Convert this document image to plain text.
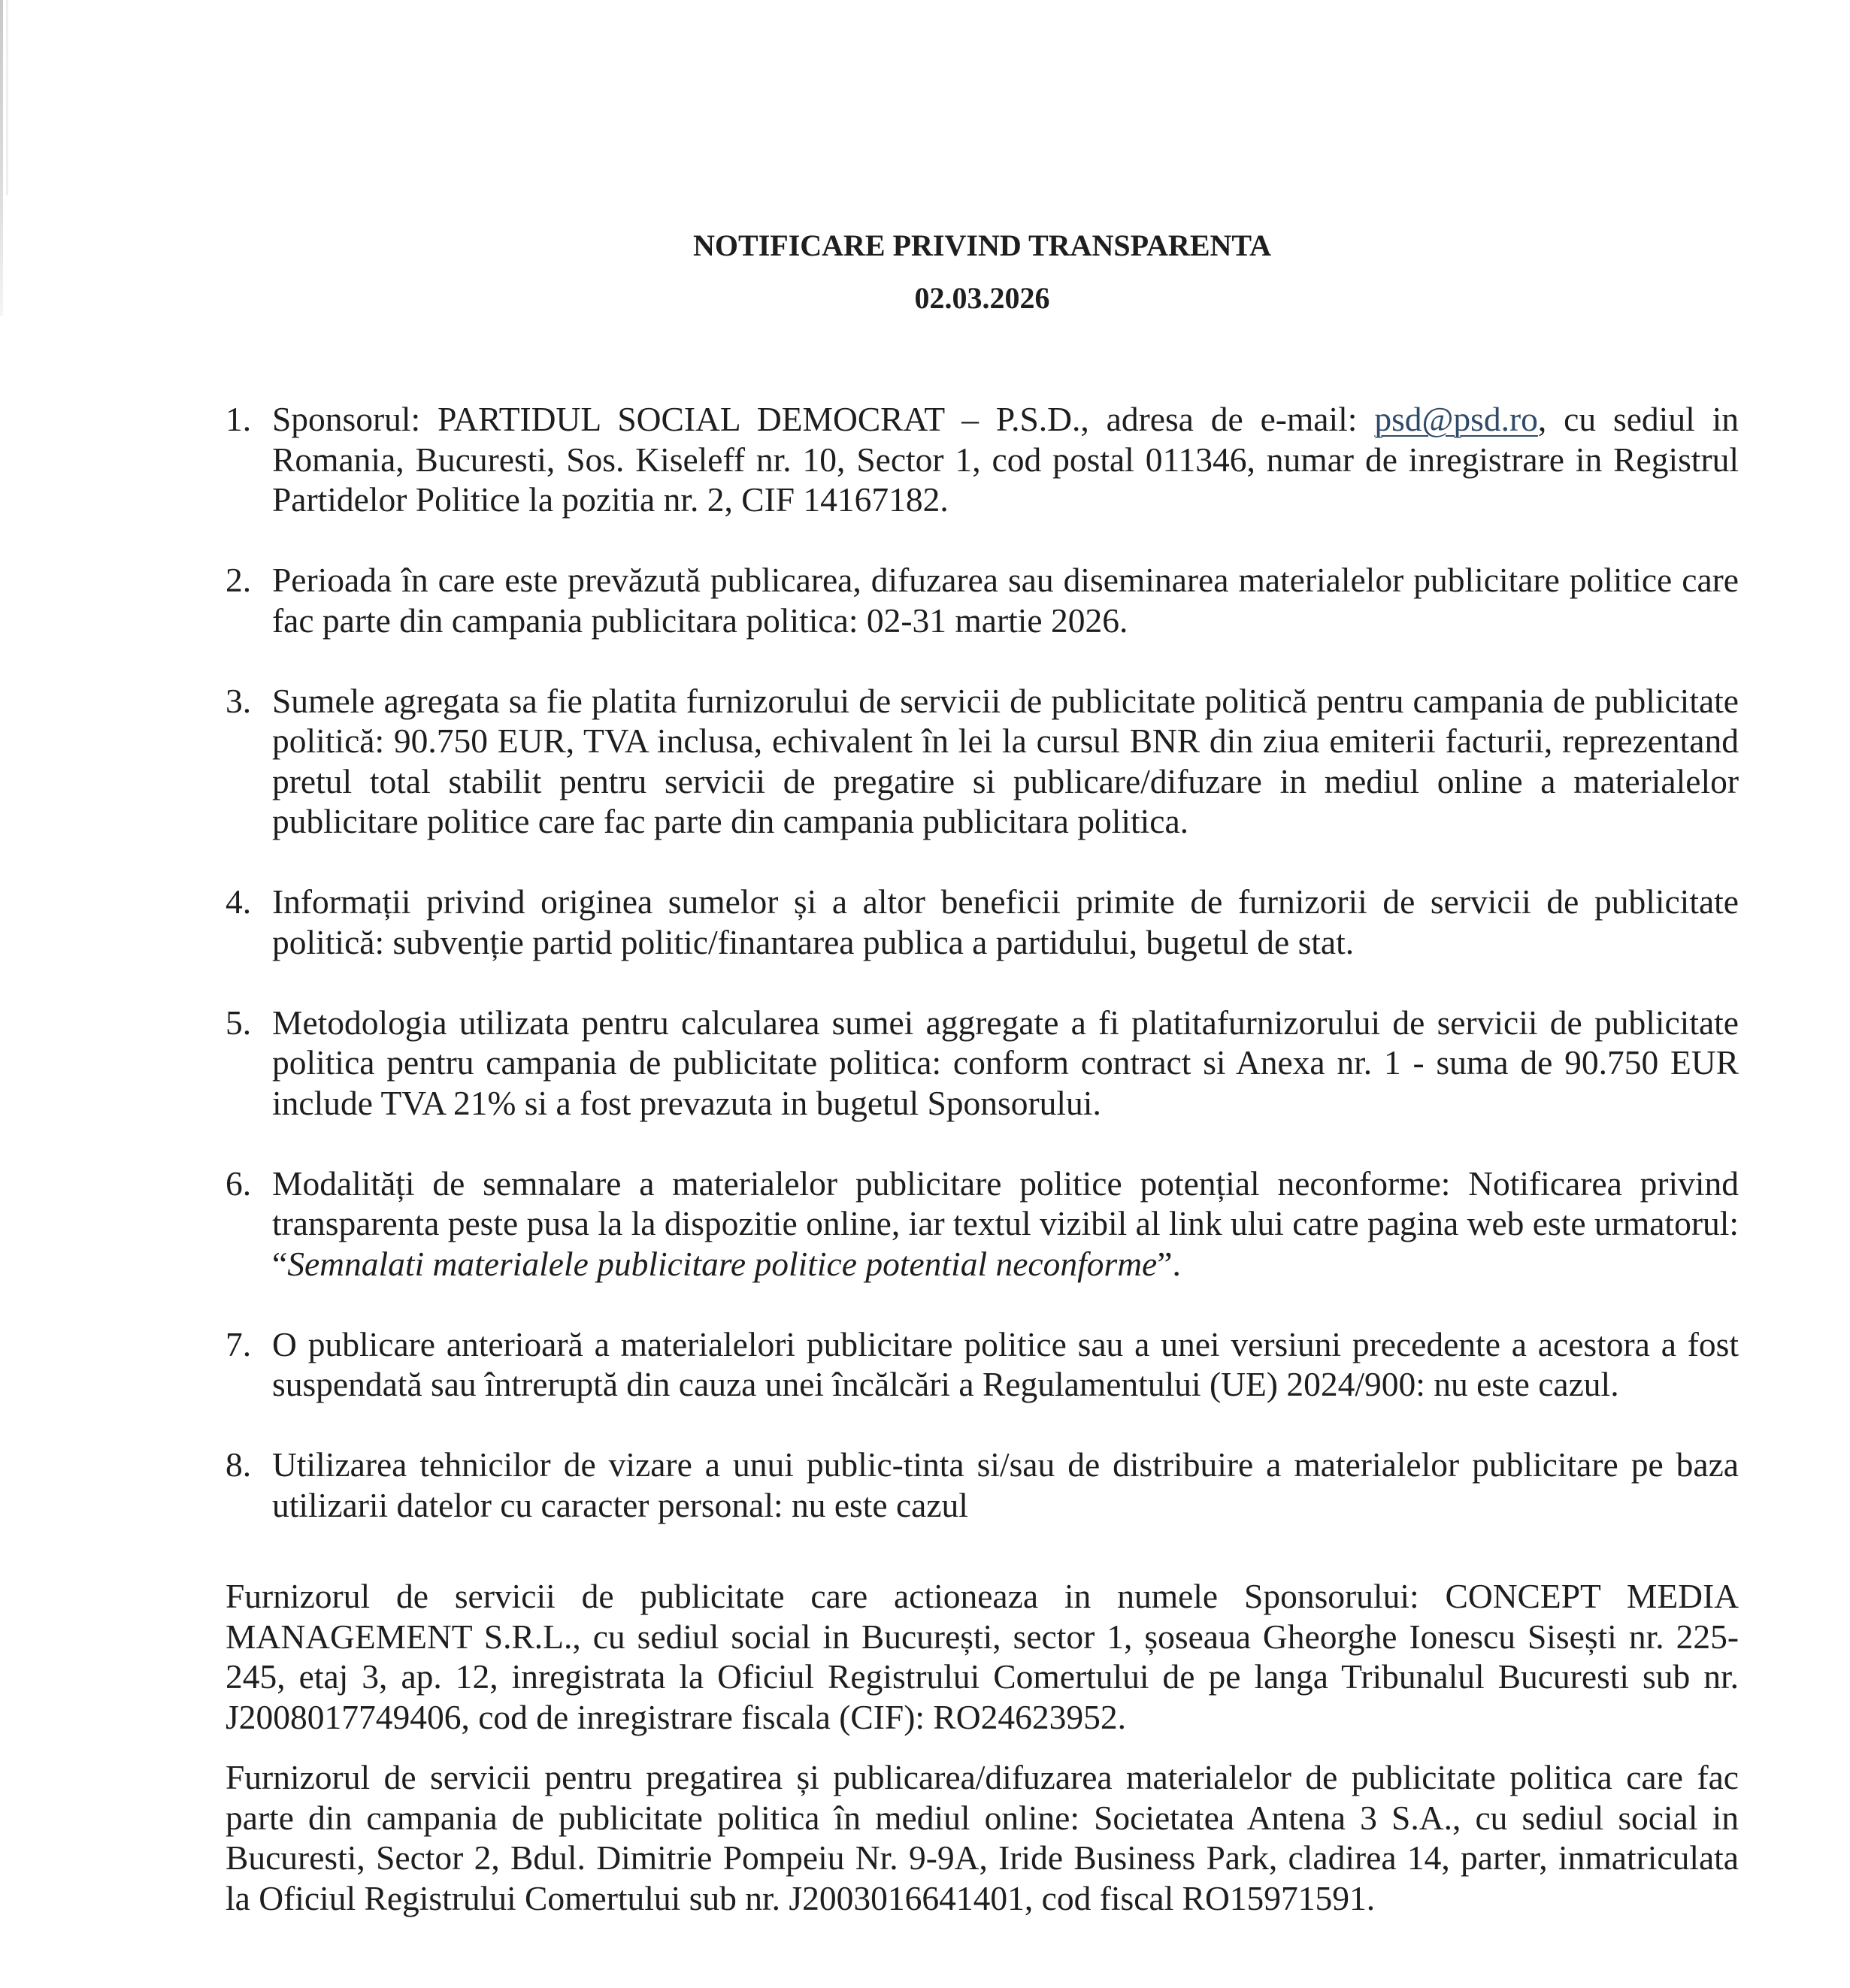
NOTIFICARE PRIVIND TRANSPARENTA
02.03.2026
1. Sponsorul: PARTIDUL SOCIAL DEMOCRAT – P.S.D., adresa de e-mail: psd@psd.ro, cu sediul in Romania, Bucuresti, Sos. Kiseleff nr. 10, Sector 1, cod postal 011346, numar de inregistrare in Registrul Partidelor Politice la pozitia nr. 2, CIF 14167182.
2. Perioada în care este prevăzută publicarea, difuzarea sau diseminarea materialelor publicitare politice care fac parte din campania publicitara politica: 02-31 martie 2026.
3. Sumele agregata sa fie platita furnizorului de servicii de publicitate politică pentru campania de publicitate politică: 90.750 EUR, TVA inclusa, echivalent în lei la cursul BNR din ziua emiterii facturii, reprezentand pretul total stabilit pentru servicii de pregatire si publicare/difuzare in mediul online a materialelor publicitare politice care fac parte din campania publicitara politica.
4. Informații privind originea sumelor și a altor beneficii primite de furnizorii de servicii de publicitate politică: subvenție partid politic/finantarea publica a partidului, bugetul de stat.
5. Metodologia utilizata pentru calcularea sumei aggregate a fi platitafurnizorului de servicii de publicitate politica pentru campania de publicitate politica: conform contract si Anexa nr. 1 - suma de 90.750 EUR include TVA 21% si a fost prevazuta in bugetul Sponsorului.
6. Modalități de semnalare a materialelor publicitare politice potențial neconforme: Notificarea privind transparenta peste pusa la la dispozitie online, iar textul vizibil al link ului catre pagina web este urmatorul: “Semnalati materialele publicitare politice potential neconforme”.
7. O publicare anterioară a materialelori publicitare politice sau a unei versiuni precedente a acestora a fost suspendată sau întreruptă din cauza unei încălcări a Regulamentului (UE) 2024/900: nu este cazul.
8. Utilizarea tehnicilor de vizare a unui public-tinta si/sau de distribuire a materialelor publicitare pe baza utilizarii datelor cu caracter personal: nu este cazul

Furnizorul de servicii de publicitate care actioneaza in numele Sponsorului: CONCEPT MEDIA MANAGEMENT S.R.L., cu sediul social in București, sector 1, șoseaua Gheorghe Ionescu Sisești nr. 225-245, etaj 3, ap. 12, inregistrata la Oficiul Registrului Comertului de pe langa Tribunalul Bucuresti sub nr. J2008017749406, cod de inregistrare fiscala (CIF): RO24623952.

Furnizorul de servicii pentru pregatirea și publicarea/difuzarea materialelor de publicitate politica care fac parte din campania de publicitate politica în mediul online: Societatea Antena 3 S.A., cu sediul social in Bucuresti, Sector 2, Bdul. Dimitrie Pompeiu Nr. 9-9A, Iride Business Park, cladirea 14, parter, inmatriculata la Oficiul Registrului Comertului sub nr. J2003016641401, cod fiscal RO15971591.
